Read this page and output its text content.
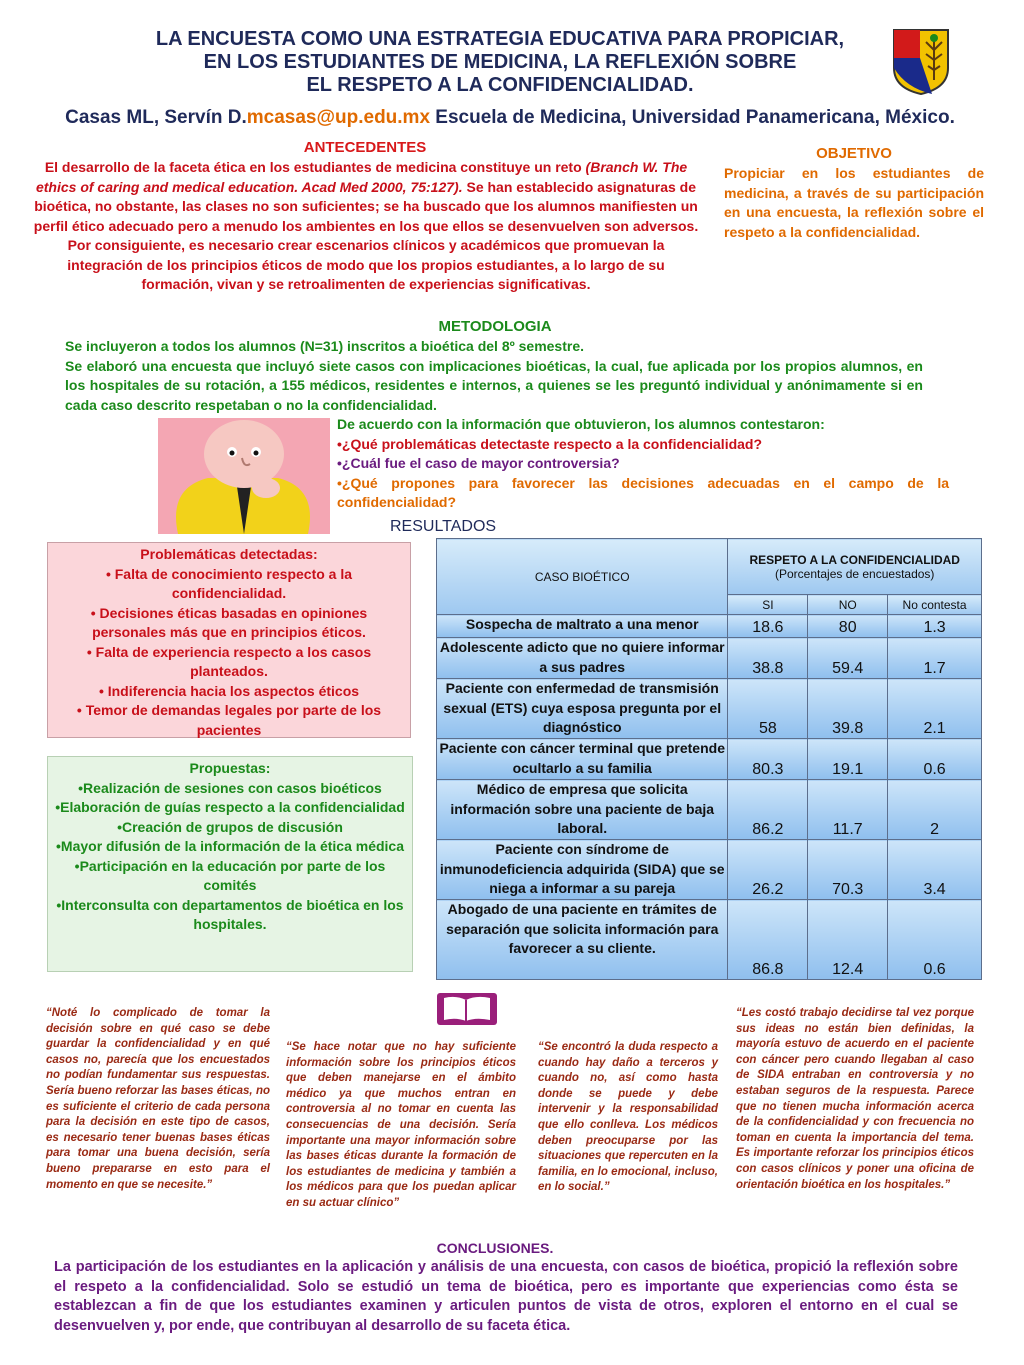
LA ENCUESTA COMO UNA ESTRATEGIA EDUCATIVA PARA PROPICIAR,
EN LOS ESTUDIANTES DE MEDICINA, LA REFLEXIÓN SOBRE
EL RESPETO A LA CONFIDENCIALIDAD.
Casas ML, Servín D.mcasas@up.edu.mx Escuela de Medicina, Universidad Panamericana, México.
ANTECEDENTES
El desarrollo de la faceta ética en los estudiantes de medicina constituye un reto (Branch W. The ethics of caring and medical education. Acad Med 2000, 75:127). Se han establecido asignaturas de bioética, no obstante, las clases no son suficientes; se ha buscado que los alumnos manifiesten un perfil ético adecuado pero a menudo los ambientes en los que ellos se desenvuelven son adversos. Por consiguiente, es necesario crear escenarios clínicos y académicos que promuevan la integración de los principios éticos de modo que los propios estudiantes, a lo largo de su formación, vivan y se retroalimenten de experiencias significativas.
OBJETIVO
Propiciar en los estudiantes de medicina, a través de su participación en una encuesta, la reflexión sobre el respeto a la confidencialidad.
METODOLOGIA
Se incluyeron a todos los alumnos (N=31) inscritos a bioética del 8º semestre.
Se elaboró una encuesta que incluyó siete casos con implicaciones bioéticas, la cual, fue aplicada por los propios alumnos, en los hospitales de su rotación, a 155 médicos, residentes e internos, a quienes se les preguntó individual y anónimamente si en cada caso descrito respetaban o no la confidencialidad.
De acuerdo con la información que obtuvieron, los alumnos contestaron:
•¿Qué problemáticas detectaste respecto a la confidencialidad?
•¿Cuál fue el caso de mayor controversia?
•¿Qué propones para favorecer las decisiones adecuadas en el campo de la confidencialidad?
RESULTADOS
Problemáticas detectadas:
• Falta de conocimiento respecto a la confidencialidad.
• Decisiones éticas basadas en opiniones personales más que en principios éticos.
• Falta de experiencia respecto a los casos planteados.
• Indiferencia hacia los aspectos éticos
• Temor de demandas legales por parte de los pacientes
Propuestas:
•Realización de sesiones con casos bioéticos
•Elaboración de guías respecto a la confidencialidad
•Creación de grupos de discusión
•Mayor difusión de la información de la ética médica
•Participación en la educación por parte de los comités
•Interconsulta con departamentos de bioética en los hospitales.
CASO BIOÉTICO	RESPETO A LA CONFIDENCIALIDAD
(Porcentajes de encuestados)		

	SI	NO	No contesta
Sospecha de maltrato a una menor	18.6	80	1.3
Adolescente adicto que no quiere informar a sus padres	38.8	59.4	1.7
Paciente con enfermedad de transmisión sexual (ETS) cuya esposa pregunta por el diagnóstico	58	39.8	2.1
Paciente con cáncer terminal que pretende ocultarlo a su familia	80.3	19.1	0.6
Médico de empresa que solicita información sobre una paciente de baja laboral.	86.2	11.7	2
Paciente con síndrome de inmunodeficiencia adquirida (SIDA) que se niega a informar a su pareja	26.2	70.3	3.4
Abogado de una paciente en trámites de separación que solicita información para favorecer a su cliente.	86.8	12.4	0.6
“Noté lo complicado de tomar la decisión sobre en qué caso se debe guardar la confidencialidad y en qué casos no, parecía que los encuestados no podían fundamentar sus respuestas. Sería bueno reforzar las bases éticas, no es suficiente el criterio de cada persona para la decisión en este tipo de casos, es necesario tener buenas bases éticas para tomar una buena decisión, sería bueno prepararse en esto para el momento en que se necesite.”
“Se hace notar que no hay suficiente información sobre los principios éticos que deben manejarse en el ámbito médico ya que muchos entran en controversia al no tomar en cuenta las consecuencias de una decisión. Sería importante una mayor información sobre las bases éticas durante la formación de los estudiantes de medicina y también a los médicos para que los puedan aplicar en su actuar clínico”
“Se encontró la duda respecto a cuando hay daño a terceros y cuando no, así como hasta donde se puede y debe intervenir y la responsabilidad que ello conlleva. Los médicos deben preocuparse por las situaciones que repercuten en la familia, en lo emocional, incluso, en lo social.”
“Les costó trabajo decidirse tal vez porque sus ideas no están bien definidas, la mayoría estuvo de acuerdo en el paciente con cáncer pero cuando llegaban al caso de SIDA entraban en controversia y no estaban seguros de la respuesta. Parece que no tienen mucha información acerca de la confidencialidad y con frecuencia no toman en cuenta la importancia del tema. Es importante reforzar los principios éticos con casos clínicos y poner una oficina de orientación bioética en los hospitales.”
CONCLUSIONES.
La participación de los estudiantes en la aplicación y análisis de una encuesta, con casos de bioética, propició la reflexión sobre el respeto a la confidencialidad. Solo se estudió un tema de bioética, pero es importante que experiencias como ésta se establezcan a fin de que los estudiantes examinen y articulen puntos de vista de otros, exploren el entorno en el cual se desenvuelven y, por ende, que contribuyan al desarrollo de su faceta ética.
